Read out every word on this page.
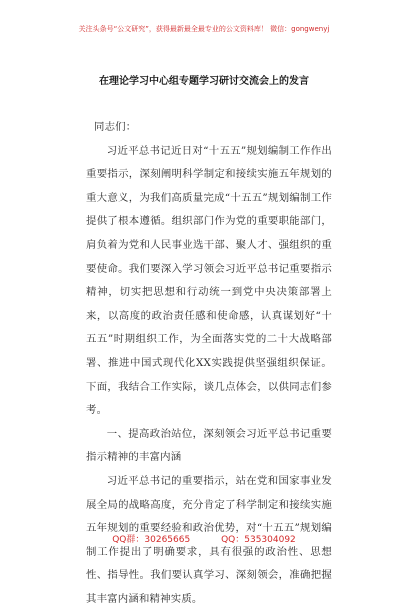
关注头条号“公文研究”，获得最新最全最专业的公文资料库！ 微信：gongwenyj
在理论学习中心组专题学习研讨交流会上的发言

同志们：

习近平总书记近日对“十五五”规划编制工作作出重要指示，深刻阐明科学制定和接续实施五年规划的重大意义，为我们高质量完成“十五五”规划编制工作提供了根本遵循。组织部门作为党的重要职能部门，肩负着为党和人民事业选干部、聚人才、强组织的重要使命。我们要深入学习领会习近平总书记重要指示精神，切实把思想和行动统一到党中央决策部署上来，以高度的政治责任感和使命感，认真谋划好“十五五”时期组织工作，为全面落实党的二十大战略部署、推进中国式现代化XX实践提供坚强组织保证。下面，我结合工作实际，谈几点体会，以供同志们参考。

一、提高政治站位，深刻领会习近平总书记重要指示精神的丰富内涵

习近平总书记的重要指示，站在党和国家事业发展全局的战略高度，充分肯定了科学制定和接续实施五年规划的重要经验和政治优势，对“十五五”规划编制工作提出了明确要求，具有很强的政治性、思想性、指导性。我们要认真学习、深刻领会，准确把握其丰富内涵和精神实质。

QQ群：30265665	QQ：535304092
